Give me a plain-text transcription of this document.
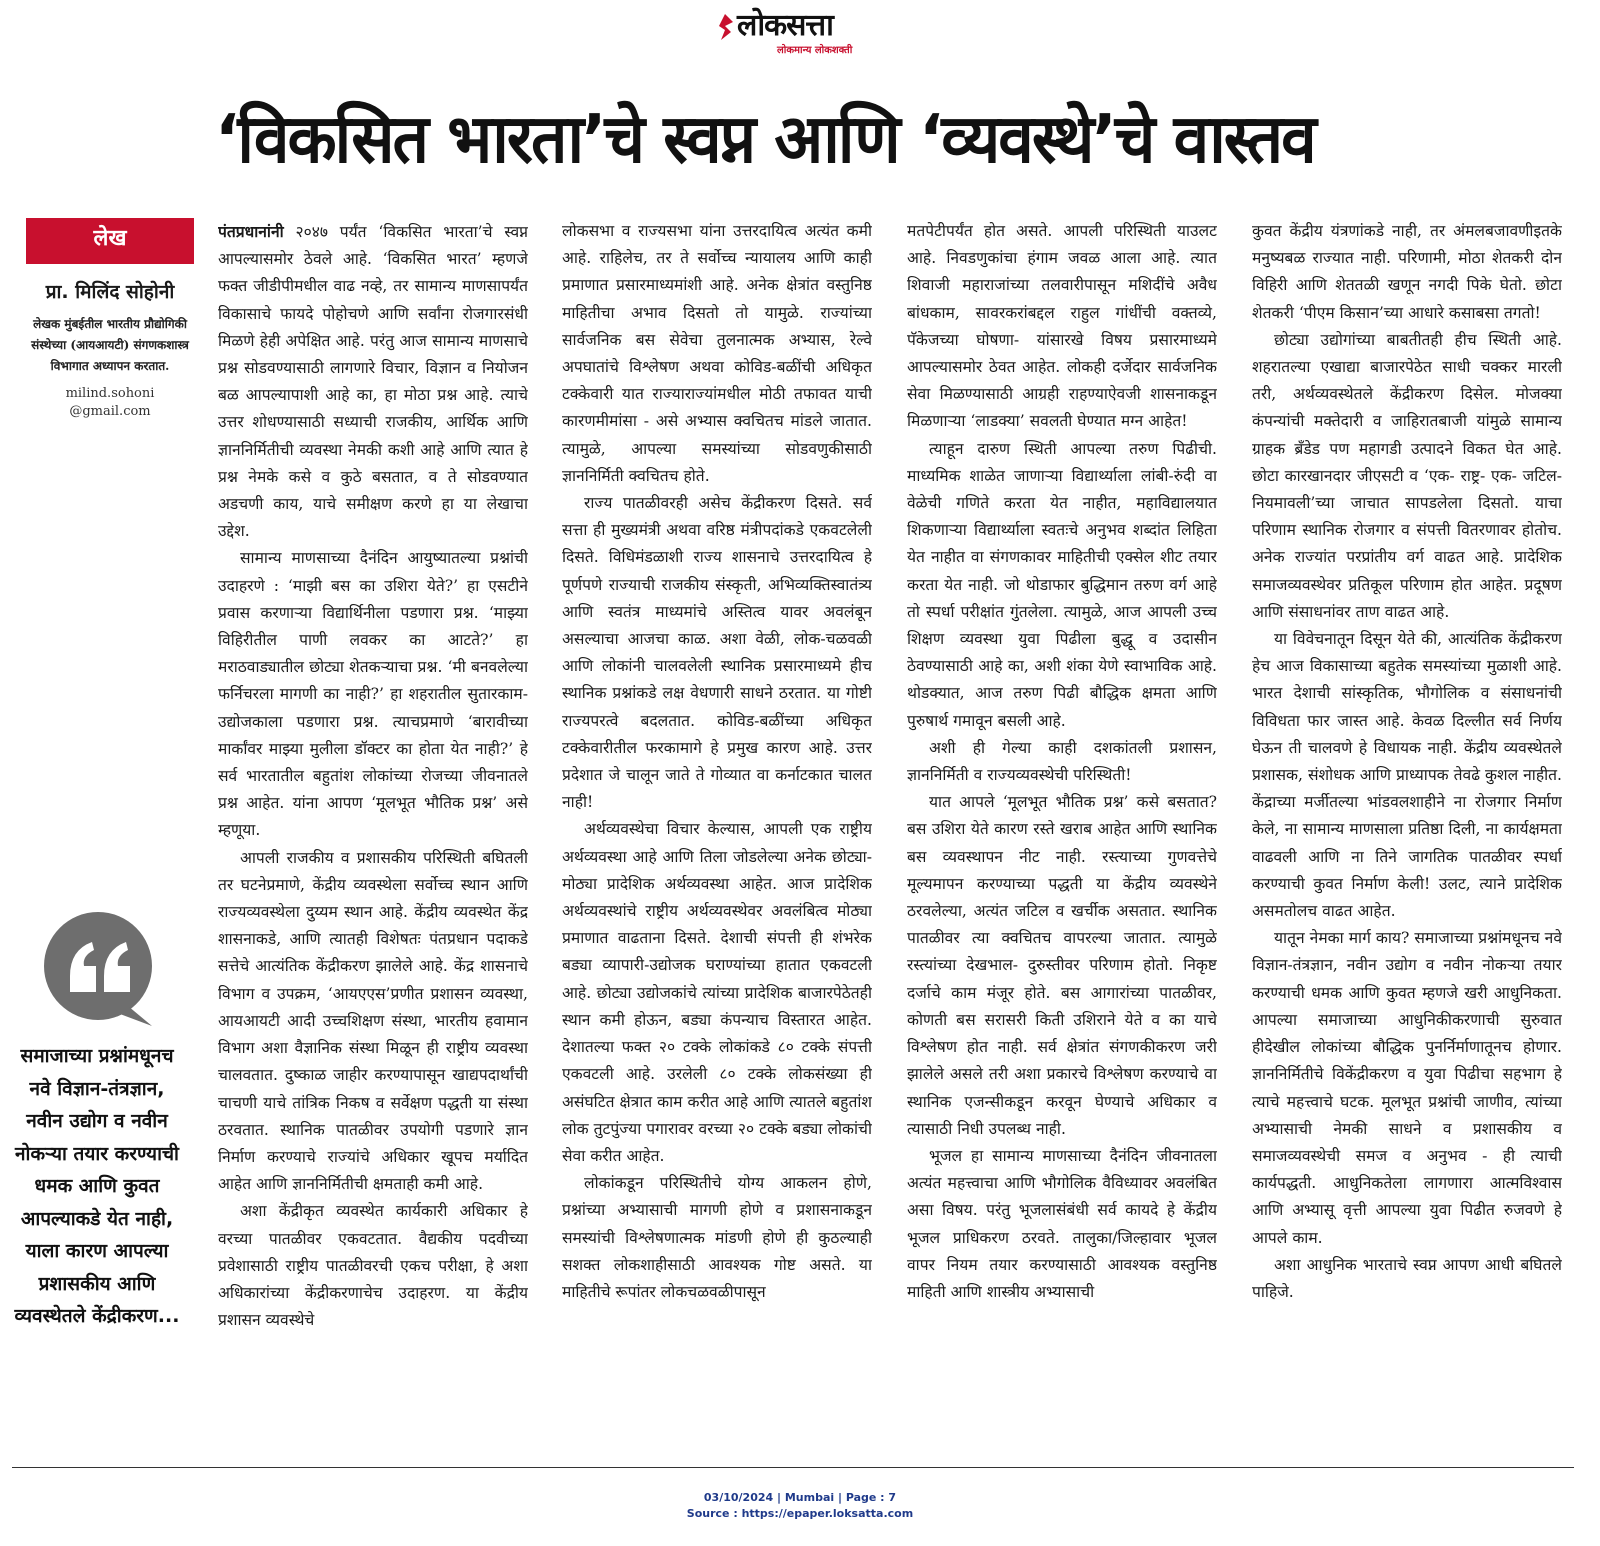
लोकसत्ता
लोकमान्य लोकशक्ती
‘विकसित भारता’चे स्वप्न आणि ‘व्यवस्थे’चे वास्तव
लेख
प्रा. मिलिंद सोहोनी
लेखक मुंबईतील भारतीय प्रौद्योगिकी संस्थेच्या (आयआयटी) संगणकशास्त्र विभागात अध्यापन करतात.
milind.sohoni
@gmail.com
समाजाच्या प्रश्नांमधूनच नवे विज्ञान-तंत्रज्ञान, नवीन उद्योग व नवीन नोकऱ्या तयार करण्याची धमक आणि कुवत आपल्याकडे येत नाही, याला कारण आपल्या प्रशासकीय आणि व्यवस्थेतले केंद्रीकरण...

पंतप्रधानांनी २०४७ पर्यंत ‘विकसित भारता’चे स्वप्न आपल्यासमोर ठेवले आहे. ‘विकसित भारत’ म्हणजे फक्त जीडीपीमधील वाढ नव्हे, तर सामान्य माणसापर्यंत विकासाचे फायदे पोहोचणे आणि सर्वांना रोजगारसंधी मिळणे हेही अपेक्षित आहे. परंतु आज सामान्य माणसाचे प्रश्न सोडवण्यासाठी लागणारे विचार, विज्ञान व नियोजन बळ आपल्यापाशी आहे का, हा मोठा प्रश्न आहे. त्याचे उत्तर शोधण्यासाठी सध्याची राजकीय, आर्थिक आणि ज्ञाननिर्मितीची व्यवस्था नेमकी कशी आहे आणि त्यात हे प्रश्न नेमके कसे व कुठे बसतात, व ते सोडवण्यात अडचणी काय, याचे समीक्षण करणे हा या लेखाचा उद्देश.

सामान्य माणसाच्या दैनंदिन आयुष्यातल्या प्रश्नांची उदाहरणे : ‘माझी बस का उशिरा येते?’ हा एसटीने प्रवास करणाऱ्या विद्यार्थिनीला पडणारा प्रश्न. ‘माझ्या विहिरीतील पाणी लवकर का आटते?’ हा मराठवाड्यातील छोट्या शेतकऱ्याचा प्रश्न. ‘मी बनवलेल्या फर्निचरला मागणी का नाही?’ हा शहरातील सुतारकाम-उद्योजकाला पडणारा प्रश्न. त्याचप्रमाणे ‘बारावीच्या मार्कांवर माझ्या मुलीला डॉक्टर का होता येत नाही?’ हे सर्व भारतातील बहुतांश लोकांच्या रोजच्या जीवनातले प्रश्न आहेत. यांना आपण ‘मूलभूत भौतिक प्रश्न’ असे म्हणूया.

आपली राजकीय व प्रशासकीय परिस्थिती बघितली तर घटनेप्रमाणे, केंद्रीय व्यवस्थेला सर्वोच्च स्थान आणि राज्यव्यवस्थेला दुय्यम स्थान आहे. केंद्रीय व्यवस्थेत केंद्र शासनाकडे, आणि त्यातही विशेषतः पंतप्रधान पदाकडे सत्तेचे आत्यंतिक केंद्रीकरण झालेले आहे. केंद्र शासनाचे विभाग व उपक्रम, ‘आयएएस’प्रणीत प्रशासन व्यवस्था, आयआयटी आदी उच्चशिक्षण संस्था, भारतीय हवामान विभाग अशा वैज्ञानिक संस्था मिळून ही राष्ट्रीय व्यवस्था चालवतात. दुष्काळ जाहीर करण्यापासून खाद्यपदार्थांची चाचणी याचे तांत्रिक निकष व सर्वेक्षण पद्धती या संस्था ठरवतात. स्थानिक पातळीवर उपयोगी पडणारे ज्ञान निर्माण करण्याचे राज्यांचे अधिकार खूपच मर्यादित आहेत आणि ज्ञाननिर्मितीची क्षमताही कमी आहे.

अशा केंद्रीकृत व्यवस्थेत कार्यकारी अधिकार हे वरच्या पातळीवर एकवटतात. वैद्यकीय पदवीच्या प्रवेशासाठी राष्ट्रीय पातळीवरची एकच परीक्षा, हे अशा अधिकारांच्या केंद्रीकरणाचेच उदाहरण. या केंद्रीय प्रशासन व्यवस्थेचे

लोकसभा व राज्यसभा यांना उत्तरदायित्व अत्यंत कमी आहे. राहिलेच, तर ते सर्वोच्च न्यायालय आणि काही प्रमाणात प्रसारमाध्यमांशी आहे. अनेक क्षेत्रांत वस्तुनिष्ठ माहितीचा अभाव दिसतो तो यामुळे. राज्यांच्या सार्वजनिक बस सेवेचा तुलनात्मक अभ्यास, रेल्वे अपघातांचे विश्लेषण अथवा कोविड-बळींची अधिकृत टक्केवारी यात राज्याराज्यांमधील मोठी तफावत याची कारणमीमांसा - असे अभ्यास क्वचितच मांडले जातात. त्यामुळे, आपल्या समस्यांच्या सोडवणुकीसाठी ज्ञाननिर्मिती क्वचितच होते.

राज्य पातळीवरही असेच केंद्रीकरण दिसते. सर्व सत्ता ही मुख्यमंत्री अथवा वरिष्ठ मंत्रीपदांकडे एकवटलेली दिसते. विधिमंडळाशी राज्य शासनाचे उत्तरदायित्व हे पूर्णपणे राज्याची राजकीय संस्कृती, अभिव्यक्तिस्वातंत्र्य आणि स्वतंत्र माध्यमांचे अस्तित्व यावर अवलंबून असल्याचा आजचा काळ. अशा वेळी, लोक-चळवळी आणि लोकांनी चालवलेली स्थानिक प्रसारमाध्यमे हीच स्थानिक प्रश्नांकडे लक्ष वेधणारी साधने ठरतात. या गोष्टी राज्यपरत्वे बदलतात. कोविड-बळींच्या अधिकृत टक्केवारीतील फरकामागे हे प्रमुख कारण आहे. उत्तर प्रदेशात जे चालून जाते ते गोव्यात वा कर्नाटकात चालत नाही!

अर्थव्यवस्थेचा विचार केल्यास, आपली एक राष्ट्रीय अर्थव्यवस्था आहे आणि तिला जोडलेल्या अनेक छोट्या-मोठ्या प्रादेशिक अर्थव्यवस्था आहेत. आज प्रादेशिक अर्थव्यवस्थांचे राष्ट्रीय अर्थव्यवस्थेवर अवलंबित्व मोठ्या प्रमाणात वाढताना दिसते. देशाची संपत्ती ही शंभरेक बड्या व्यापारी-उद्योजक घराण्यांच्या हातात एकवटली आहे. छोट्या उद्योजकांचे त्यांच्या प्रादेशिक बाजारपेठेतही स्थान कमी होऊन, बड्या कंपन्याच विस्तारत आहेत. देशातल्या फक्त २० टक्के लोकांकडे ८० टक्के संपत्ती एकवटली आहे. उरलेली ८० टक्के लोकसंख्या ही असंघटित क्षेत्रात काम करीत आहे आणि त्यातले बहुतांश लोक तुटपुंज्या पगारावर वरच्या २० टक्के बड्या लोकांची सेवा करीत आहेत.

लोकांकडून परिस्थितीचे योग्य आकलन होणे, प्रश्नांच्या अभ्यासाची मागणी होणे व प्रशासनाकडून समस्यांची विश्लेषणात्मक मांडणी होणे ही कुठल्याही सशक्त लोकशाहीसाठी आवश्यक गोष्ट असते. या माहितीचे रूपांतर लोकचळवळीपासून

मतपेटीपर्यंत होत असते. आपली परिस्थिती याउलट आहे. निवडणुकांचा हंगाम जवळ आला आहे. त्यात शिवाजी महाराजांच्या तलवारीपासून मशिदींचे अवैध बांधकाम, सावरकरांबद्दल राहुल गांधींची वक्तव्ये, पॅकेजच्या घोषणा- यांसारखे विषय प्रसारमाध्यमे आपल्यासमोर ठेवत आहेत. लोकही दर्जेदार सार्वजनिक सेवा मिळण्यासाठी आग्रही राहण्याऐवजी शासनाकडून मिळणाऱ्या ‘लाडक्या’ सवलती घेण्यात मग्न आहेत!

त्याहून दारुण स्थिती आपल्या तरुण पिढीची. माध्यमिक शाळेत जाणाऱ्या विद्यार्थ्याला लांबी-रुंदी वा वेळेची गणिते करता येत नाहीत, महाविद्यालयात शिकणाऱ्या विद्यार्थ्याला स्वतःचे अनुभव शब्दांत लिहिता येत नाहीत वा संगणकावर माहितीची एक्सेल शीट तयार करता येत नाही. जो थोडाफार बुद्धिमान तरुण वर्ग आहे तो स्पर्धा परीक्षांत गुंतलेला. त्यामुळे, आज आपली उच्च शिक्षण व्यवस्था युवा पिढीला बुद्धू व उदासीन ठेवण्यासाठी आहे का, अशी शंका येणे स्वाभाविक आहे. थोडक्यात, आज तरुण पिढी बौद्धिक क्षमता आणि पुरुषार्थ गमावून बसली आहे.

अशी ही गेल्या काही दशकांतली प्रशासन, ज्ञाननिर्मिती व राज्यव्यवस्थेची परिस्थिती!

यात आपले ‘मूलभूत भौतिक प्रश्न’ कसे बसतात? बस उशिरा येते कारण रस्ते खराब आहेत आणि स्थानिक बस व्यवस्थापन नीट नाही. रस्त्याच्या गुणवत्तेचे मूल्यमापन करण्याच्या पद्धती या केंद्रीय व्यवस्थेने ठरवलेल्या, अत्यंत जटिल व खर्चीक असतात. स्थानिक पातळीवर त्या क्वचितच वापरल्या जातात. त्यामुळे रस्त्यांच्या देखभाल- दुरुस्तीवर परिणाम होतो. निकृष्ट दर्जाचे काम मंजूर होते. बस आगारांच्या पातळीवर, कोणती बस सरासरी किती उशिराने येते व का याचे विश्लेषण होत नाही. सर्व क्षेत्रांत संगणकीकरण जरी झालेले असले तरी अशा प्रकारचे विश्लेषण करण्याचे वा स्थानिक एजन्सीकडून करवून घेण्याचे अधिकार व त्यासाठी निधी उपलब्ध नाही.

भूजल हा सामान्य माणसाच्या दैनंदिन जीवनातला अत्यंत महत्त्वाचा आणि भौगोलिक वैविध्यावर अवलंबित असा विषय. परंतु भूजलासंबंधी सर्व कायदे हे केंद्रीय भूजल प्राधिकरण ठरवते. तालुका/जिल्हावार भूजल वापर नियम तयार करण्यासाठी आवश्यक वस्तुनिष्ठ माहिती आणि शास्त्रीय अभ्यासाची

कुवत केंद्रीय यंत्रणांकडे नाही, तर अंमलबजावणीइतके मनुष्यबळ राज्यात नाही. परिणामी, मोठा शेतकरी दोन विहिरी आणि शेततळी खणून नगदी पिके घेतो. छोटा शेतकरी ‘पीएम किसान’च्या आधारे कसाबसा तगतो!

छोट्या उद्योगांच्या बाबतीतही हीच स्थिती आहे. शहरातल्या एखाद्या बाजारपेठेत साधी चक्कर मारली तरी, अर्थव्यवस्थेतले केंद्रीकरण दिसेल. मोजक्या कंपन्यांची मक्तेदारी व जाहिरातबाजी यांमुळे सामान्य ग्राहक ब्रँडेड पण महागडी उत्पादने विकत घेत आहे. छोटा कारखानदार जीएसटी व ‘एक- राष्ट्र- एक- जटिल- नियमावली’च्या जाचात सापडलेला दिसतो. याचा परिणाम स्थानिक रोजगार व संपत्ती वितरणावर होतोच. अनेक राज्यांत परप्रांतीय वर्ग वाढत आहे. प्रादेशिक समाजव्यवस्थेवर प्रतिकूल परिणाम होत आहेत. प्रदूषण आणि संसाधनांवर ताण वाढत आहे.

या विवेचनातून दिसून येते की, आत्यंतिक केंद्रीकरण हेच आज विकासाच्या बहुतेक समस्यांच्या मुळाशी आहे. भारत देशाची सांस्कृतिक, भौगोलिक व संसाधनांची विविधता फार जास्त आहे. केवळ दिल्लीत सर्व निर्णय घेऊन ती चालवणे हे विधायक नाही. केंद्रीय व्यवस्थेतले प्रशासक, संशोधक आणि प्राध्यापक तेवढे कुशल नाहीत. केंद्राच्या मर्जीतल्या भांडवलशाहीने ना रोजगार निर्माण केले, ना सामान्य माणसाला प्रतिष्ठा दिली, ना कार्यक्षमता वाढवली आणि ना तिने जागतिक पातळीवर स्पर्धा करण्याची कुवत निर्माण केली! उलट, त्याने प्रादेशिक असमतोलच वाढत आहेत.

यातून नेमका मार्ग काय? समाजाच्या प्रश्नांमधूनच नवे विज्ञान-तंत्रज्ञान, नवीन उद्योग व नवीन नोकऱ्या तयार करण्याची धमक आणि कुवत म्हणजे खरी आधुनिकता. आपल्या समाजाच्या आधुनिकीकरणाची सुरुवात हीदेखील लोकांच्या बौद्धिक पुनर्निर्माणातूनच होणार. ज्ञाननिर्मितीचे विकेंद्रीकरण व युवा पिढीचा सहभाग हे त्याचे महत्त्वाचे घटक. मूलभूत प्रश्नांची जाणीव, त्यांच्या अभ्यासाची नेमकी साधने व प्रशासकीय व समाजव्यवस्थेची समज व अनुभव - ही त्याची कार्यपद्धती. आधुनिकतेला लागणारा आत्मविश्वास आणि अभ्यासू वृत्ती आपल्या युवा पिढीत रुजवणे हे आपले काम.

अशा आधुनिक भारताचे स्वप्न आपण आधी बघितले पाहिजे.

03/10/2024 | Mumbai | Page : 7
Source : https://epaper.loksatta.com
